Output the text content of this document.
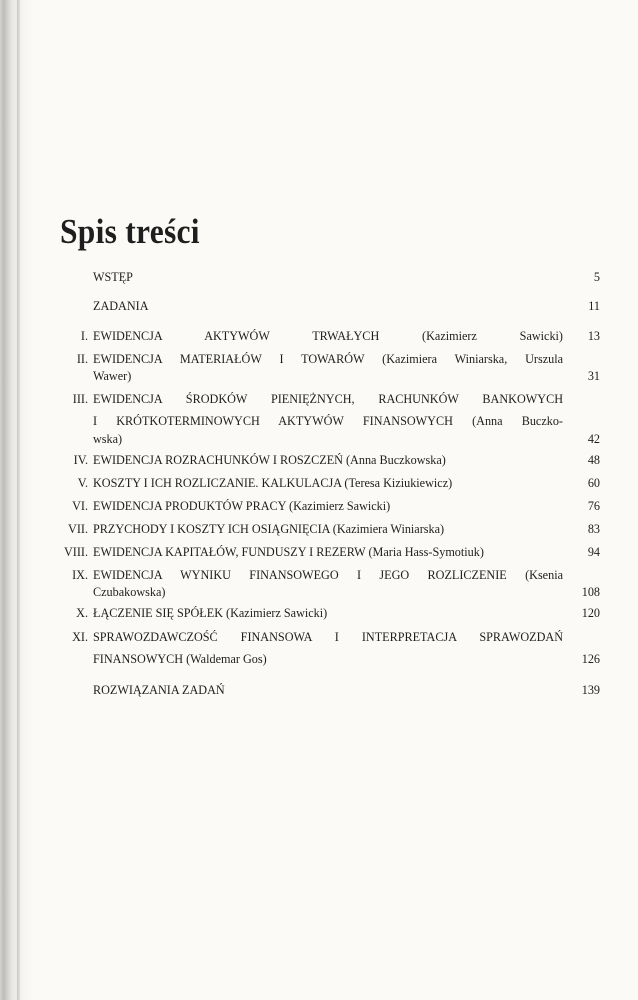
Spis treści
WSTĘP	5
ZADANIA	11
I. EWIDENCJA AKTYWÓW TRWAŁYCH (Kazimierz Sawicki) 13
II. EWIDENCJA MATERIAŁÓW I TOWARÓW (Kazimiera Winiarska, Urszula
Wawer)	31
III. EWIDENCJA ŚRODKÓW PIENIĘŻNYCH, RACHUNKÓW BANKOWYCH
I KRÓTKOTERMINOWYCH AKTYWÓW FINANSOWYCH (Anna Buczko-
wska)	42
IV. EWIDENCJA ROZRACHUNKÓW I ROSZCZEŃ (Anna Buczkowska)	48
V. KOSZTY I ICH ROZLICZANIE. KALKULACJA (Teresa Kiziukiewicz)	60
VI. EWIDENCJA PRODUKTÓW PRACY (Kazimierz Sawicki)	76
VII. PRZYCHODY I KOSZTY ICH OSIĄGNIĘCIA (Kazimiera Winiarska)	83
VIII. EWIDENCJA KAPITAŁÓW, FUNDUSZY I REZERW (Maria Hass-Symotiuk)	94
IX. EWIDENCJA WYNIKU FINANSOWEGO I JEGO ROZLICZENIE (Ksenia
Czubakowska)	108
X. ŁĄCZENIE SIĘ SPÓŁEK (Kazimierz Sawicki)	120
XI. SPRAWOZDAWCZOŚĆ FINANSOWA I INTERPRETACJA SPRAWOZDAŃ
FINANSOWYCH (Waldemar Gos)	126
ROZWIĄZANIA ZADAŃ	139
